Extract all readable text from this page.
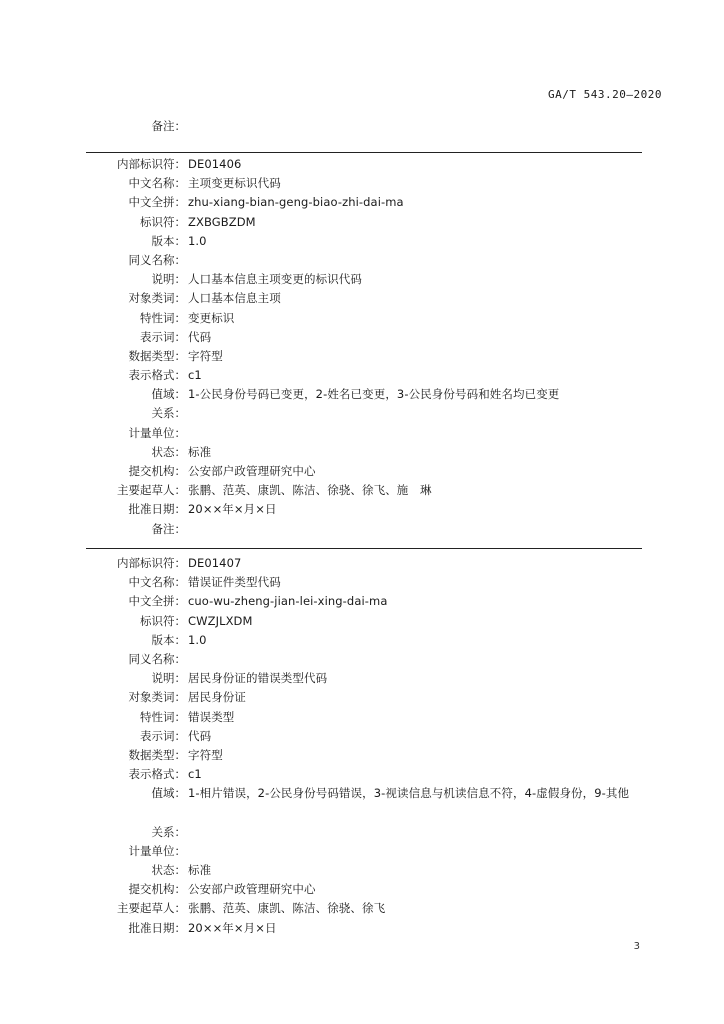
GA/T 543.20—2020
备注：
内部标识符： DE01406
中文名称： 主项变更标识代码
中文全拼： zhu-xiang-bian-geng-biao-zhi-dai-ma
标识符： ZXBGBZDM
版本： 1.0
同义名称：
说明： 人口基本信息主项变更的标识代码
对象类词： 人口基本信息主项
特性词： 变更标识
表示词： 代码
数据类型： 字符型
表示格式： c1
值域： 1-公民身份号码已变更，2-姓名已变更，3-公民身份号码和姓名均已变更
关系：
计量单位：
状态： 标准
提交机构： 公安部户政管理研究中心
主要起草人： 张鹏、范英、康凯、陈洁、徐骁、徐飞、施　琳
批准日期： 20××年×月×日
备注：
内部标识符： DE01407
中文名称： 错误证件类型代码
中文全拼： cuo-wu-zheng-jian-lei-xing-dai-ma
标识符： CWZJLXDM
版本： 1.0
同义名称：
说明： 居民身份证的错误类型代码
对象类词： 居民身份证
特性词： 错误类型
表示词： 代码
数据类型： 字符型
表示格式： c1
值域： 1-相片错误，2-公民身份号码错误，3-视读信息与机读信息不符，4-虚假身份，9-其他
关系：
计量单位：
状态： 标准
提交机构： 公安部户政管理研究中心
主要起草人： 张鹏、范英、康凯、陈洁、徐骁、徐飞
批准日期： 20××年×月×日
3
